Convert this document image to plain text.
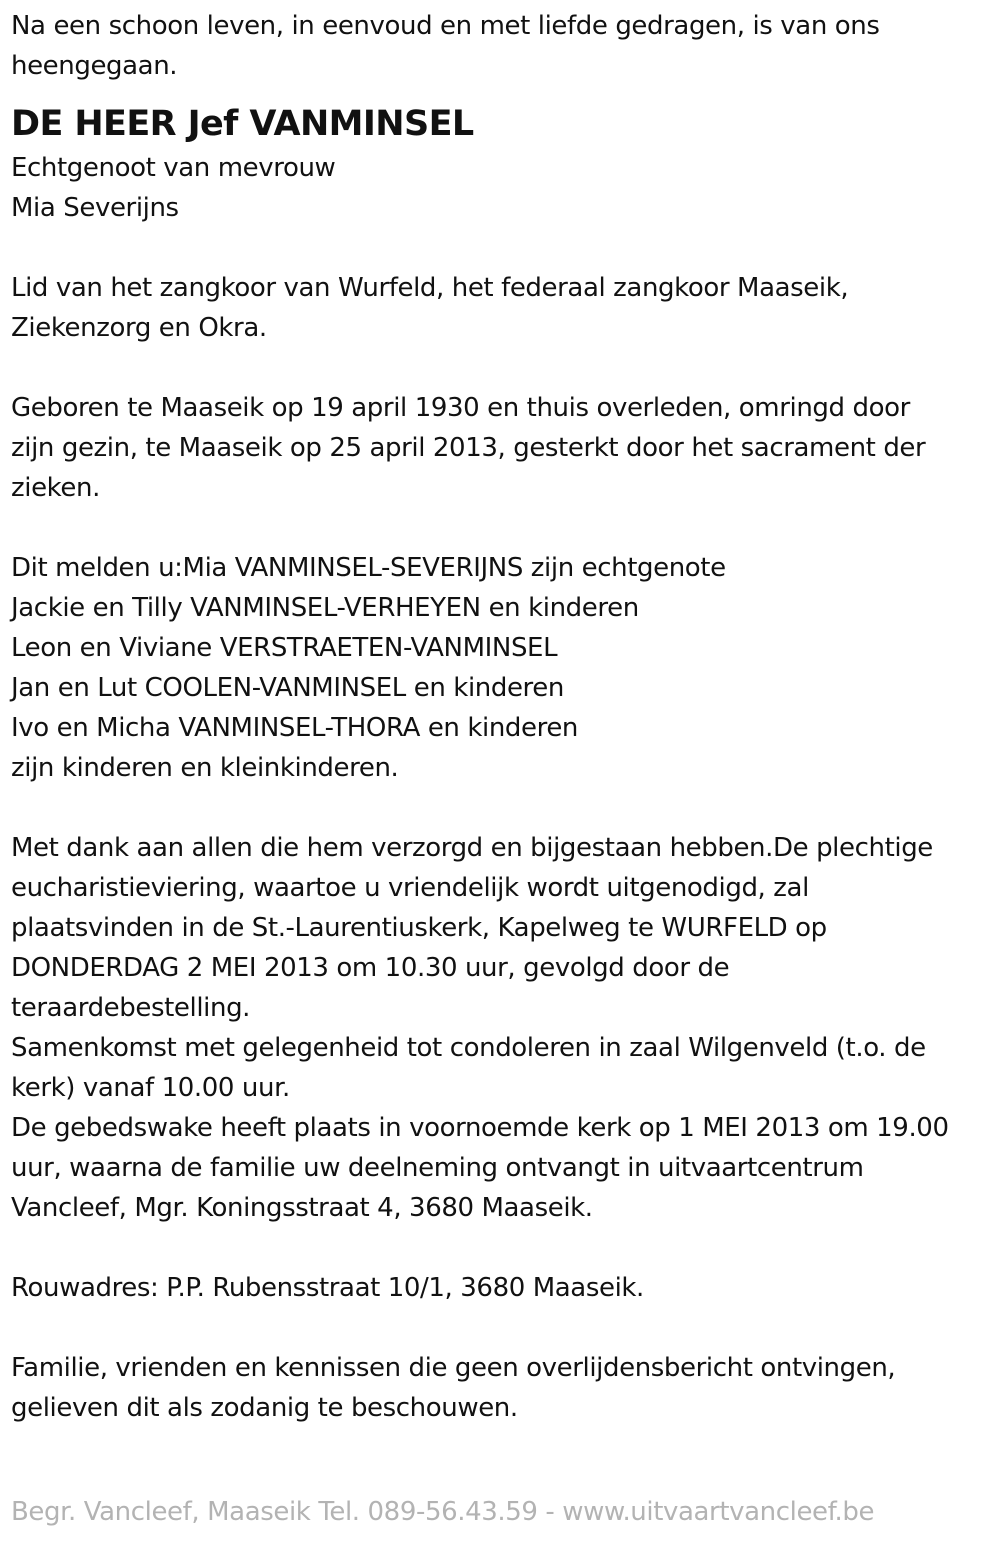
Na een schoon leven, in eenvoud en met liefde gedragen, is van ons

heengegaan.

DE HEER Jef VANMINSEL

Echtgenoot van mevrouw

Mia Severijns

Lid van het zangkoor van Wurfeld, het federaal zangkoor Maaseik,

Ziekenzorg en Okra.

Geboren te Maaseik op 19 april 1930 en thuis overleden, omringd door

zijn gezin, te Maaseik op 25 april 2013, gesterkt door het sacrament der

zieken.

Dit melden u:Mia VANMINSEL-SEVERIJNS zijn echtgenote

Jackie en Tilly VANMINSEL-VERHEYEN en kinderen

Leon en Viviane VERSTRAETEN-VANMINSEL

Jan en Lut COOLEN-VANMINSEL en kinderen

Ivo en Micha VANMINSEL-THORA en kinderen

zijn kinderen en kleinkinderen.

Met dank aan allen die hem verzorgd en bijgestaan hebben.De plechtige

eucharistieviering, waartoe u vriendelijk wordt uitgenodigd, zal

plaatsvinden in de St.-Laurentiuskerk, Kapelweg te WURFELD op

DONDERDAG 2 MEI 2013 om 10.30 uur, gevolgd door de

teraardebestelling.

Samenkomst met gelegenheid tot condoleren in zaal Wilgenveld (t.o. de

kerk) vanaf 10.00 uur.

De gebedswake heeft plaats in voornoemde kerk op 1 MEI 2013 om 19.00

uur, waarna de familie uw deelneming ontvangt in uitvaartcentrum

Vancleef, Mgr. Koningsstraat 4, 3680 Maaseik.

Rouwadres: P.P. Rubensstraat 10/1, 3680 Maaseik.

Familie, vrienden en kennissen die geen overlijdensbericht ontvingen,

gelieven dit als zodanig te beschouwen.

Begr. Vancleef, Maaseik Tel. 089-56.43.59 - www.uitvaartvancleef.be
